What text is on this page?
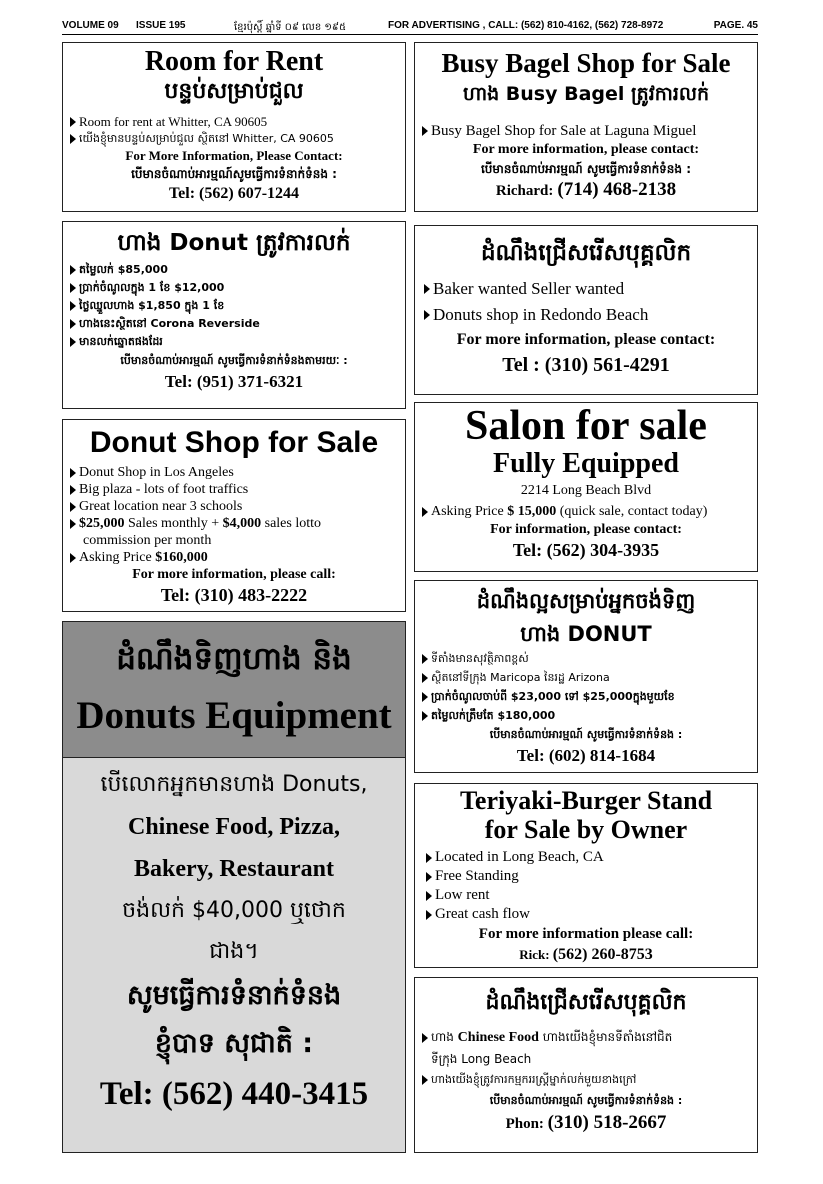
VOLUME 09 ISSUE 195	ខ្មែរប៉ុស្ដិ៍ ឆ្នាំទី ០៩ លេខ ១៩៥	FOR ADVERTISING , CALL: (562) 810-4162, (562) 728-8972	PAGE. 45
Room for Rent
បន្ទប់សម្រាប់ជួល
Room for rent at Whitter, CA 90605
យើងខ្ញុំមានបន្ទប់សម្រាប់ជួល ស្ថិតនៅ Whitter, CA 90605
For More Information, Please Contact:
បើមានចំណាប់អារម្មណ៍សូមធ្វើការទំនាក់ទំនង :
Tel: (562) 607-1244
Busy Bagel Shop for Sale
ហាង Busy Bagel ត្រូវការលក់
Busy Bagel Shop for Sale at Laguna Miguel
For more information, please contact:
បើមានចំណាប់អារម្មណ៍ សូមធ្វើការទំនាក់ទំនង :
Richard: (714) 468-2138
ហាង Donut ត្រូវការលក់
តម្លៃលក់ $85,000
ប្រាក់ចំណូលក្នុង 1 ខែ $12,000
ថ្លៃឈ្នួលហាង $1,850 ក្នុង 1 ខែ
ហាងនេះស្ថិតនៅ Corona Reverside
មានលក់ឆ្នោតផងដែរ
បើមានចំណាប់អារម្មណ៍ សូមធ្វើការទំនាក់ទំនងតាមរយៈ :
Tel: (951) 371-6321
ដំណឹងជ្រើសរើសបុគ្គលិក
Baker wanted Seller wanted
Donuts shop in Redondo Beach
For more information, please contact:
Tel : (310) 561-4291
Donut Shop for Sale
Donut Shop in Los Angeles
Big plaza - lots of foot traffics
Great location near 3 schools
$25,000 Sales monthly + $4,000 sales lotto
commission per month
Asking Price $160,000
For more information, please call:
Tel: (310) 483-2222
Salon for sale
Fully Equipped
2214 Long Beach Blvd
Asking Price $ 15,000 (quick sale, contact today)
For information, please contact:
Tel: (562) 304-3935
ដំណឹងទិញហាង និង
Donuts Equipment
បើលោកអ្នកមានហាង Donuts,
Chinese Food, Pizza,
Bakery, Restaurant
ចង់លក់ $40,000 ឬថោក
ជាង។
សូមធ្វើការទំនាក់ទំនង
ខ្ញុំបាទ សុជាតិ :
Tel: (562) 440-3415
ដំណឹងល្អសម្រាប់អ្នកចង់ទិញ
ហាង DONUT
ទីតាំងមានសុវត្ថិភាពខ្ពស់
ស្ថិតនៅទីក្រុង Maricopa នៃរដ្ឋ Arizona
ប្រាក់ចំណូលចាប់ពី $23,000 ទៅ $25,000ក្នុងមួយខែ
តម្លៃលក់ត្រឹមតែ $180,000
បើមានចំណាប់អារម្មណ៍ សូមធ្វើការទំនាក់ទំនង :
Tel: (602) 814-1684
Teriyaki-Burger Stand
for Sale by Owner
Located in Long Beach, CA
Free Standing
Low rent
Great cash flow
For more information please call:
Rick: (562) 260-8753
ដំណឹងជ្រើសរើសបុគ្គលិក
ហាង Chinese Food ហាងយើងខ្ញុំមានទីតាំងនៅជិត
ទីក្រុង Long Beach
ហាងយើងខ្ញុំត្រូវការកម្មកររស្ត្រីម្នាក់លក់មួយខាងក្រៅ
បើមានចំណាប់អារម្មណ៍ សូមធ្វើការទំនាក់ទំនង :
Phon: (310) 518-2667
